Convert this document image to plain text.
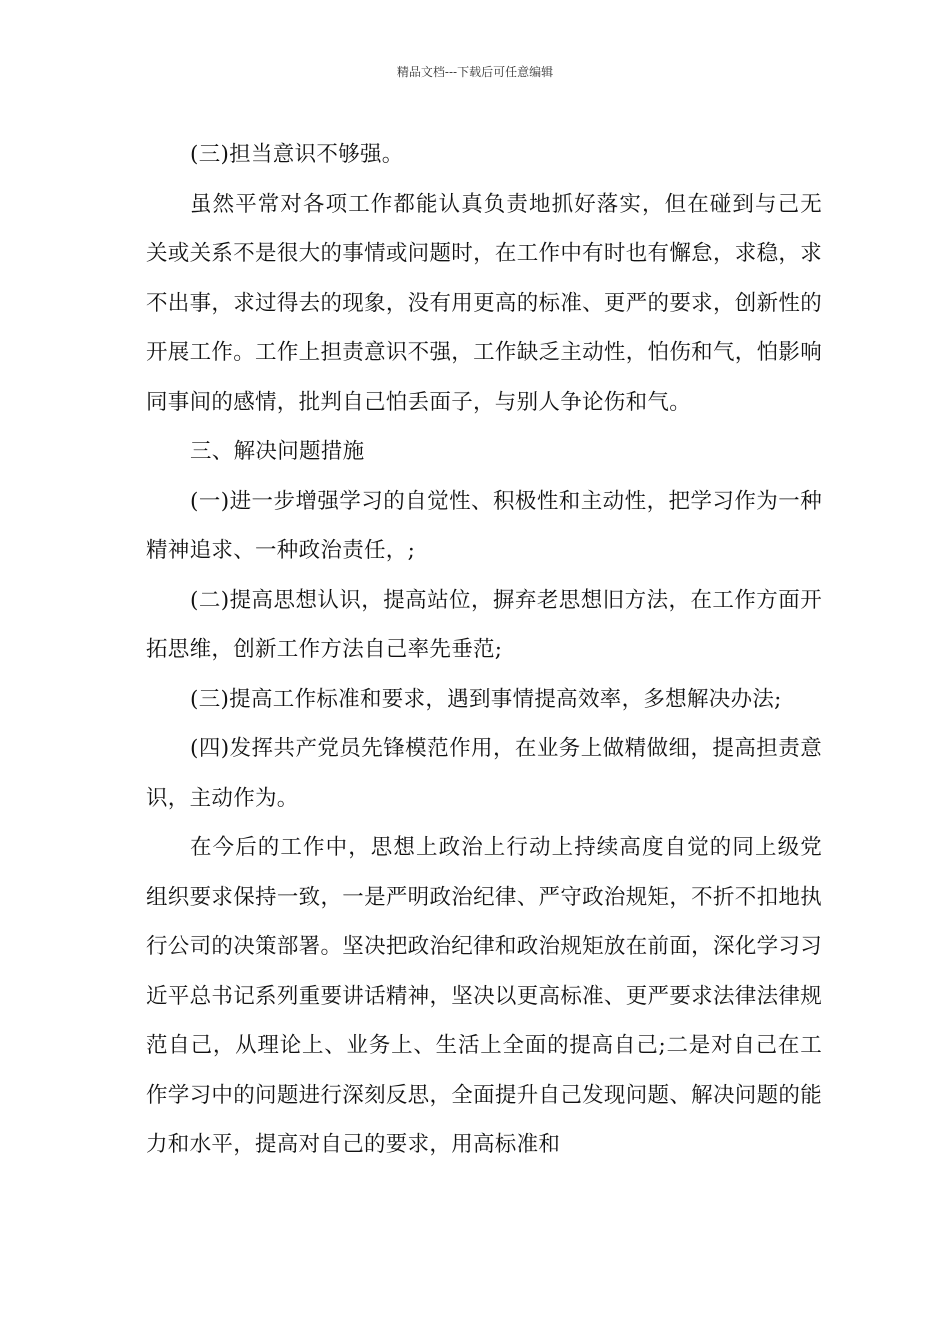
精品文档---下载后可任意编辑

(三)担当意识不够强。

虽然平常对各项工作都能认真负责地抓好落实，但在碰到与己无关或关系不是很大的事情或问题时，在工作中有时也有懈怠，求稳，求不出事，求过得去的现象，没有用更高的标准、更严的要求，创新性的开展工作。工作上担责意识不强，工作缺乏主动性，怕伤和气，怕影响同事间的感情，批判自己怕丢面子，与别人争论伤和气。

三、解决问题措施

(一)进一步增强学习的自觉性、积极性和主动性，把学习作为一种精神追求、一种政治责任，;

(二)提高思想认识，提高站位，摒弃老思想旧方法，在工作方面开拓思维，创新工作方法自己率先垂范;

(三)提高工作标准和要求，遇到事情提高效率，多想解决办法;

(四)发挥共产党员先锋模范作用，在业务上做精做细，提高担责意识，主动作为。

在今后的工作中，思想上政治上行动上持续高度自觉的同上级党组织要求保持一致，一是严明政治纪律、严守政治规矩，不折不扣地执行公司的决策部署。坚决把政治纪律和政治规矩放在前面，深化学习习近平总书记系列重要讲话精神，坚决以更高标准、更严要求法律法律规范自己，从理论上、业务上、生活上全面的提高自己;二是对自己在工作学习中的问题进行深刻反思，全面提升自己发现问题、解决问题的能力和水平，提高对自己的要求，用高标准和
